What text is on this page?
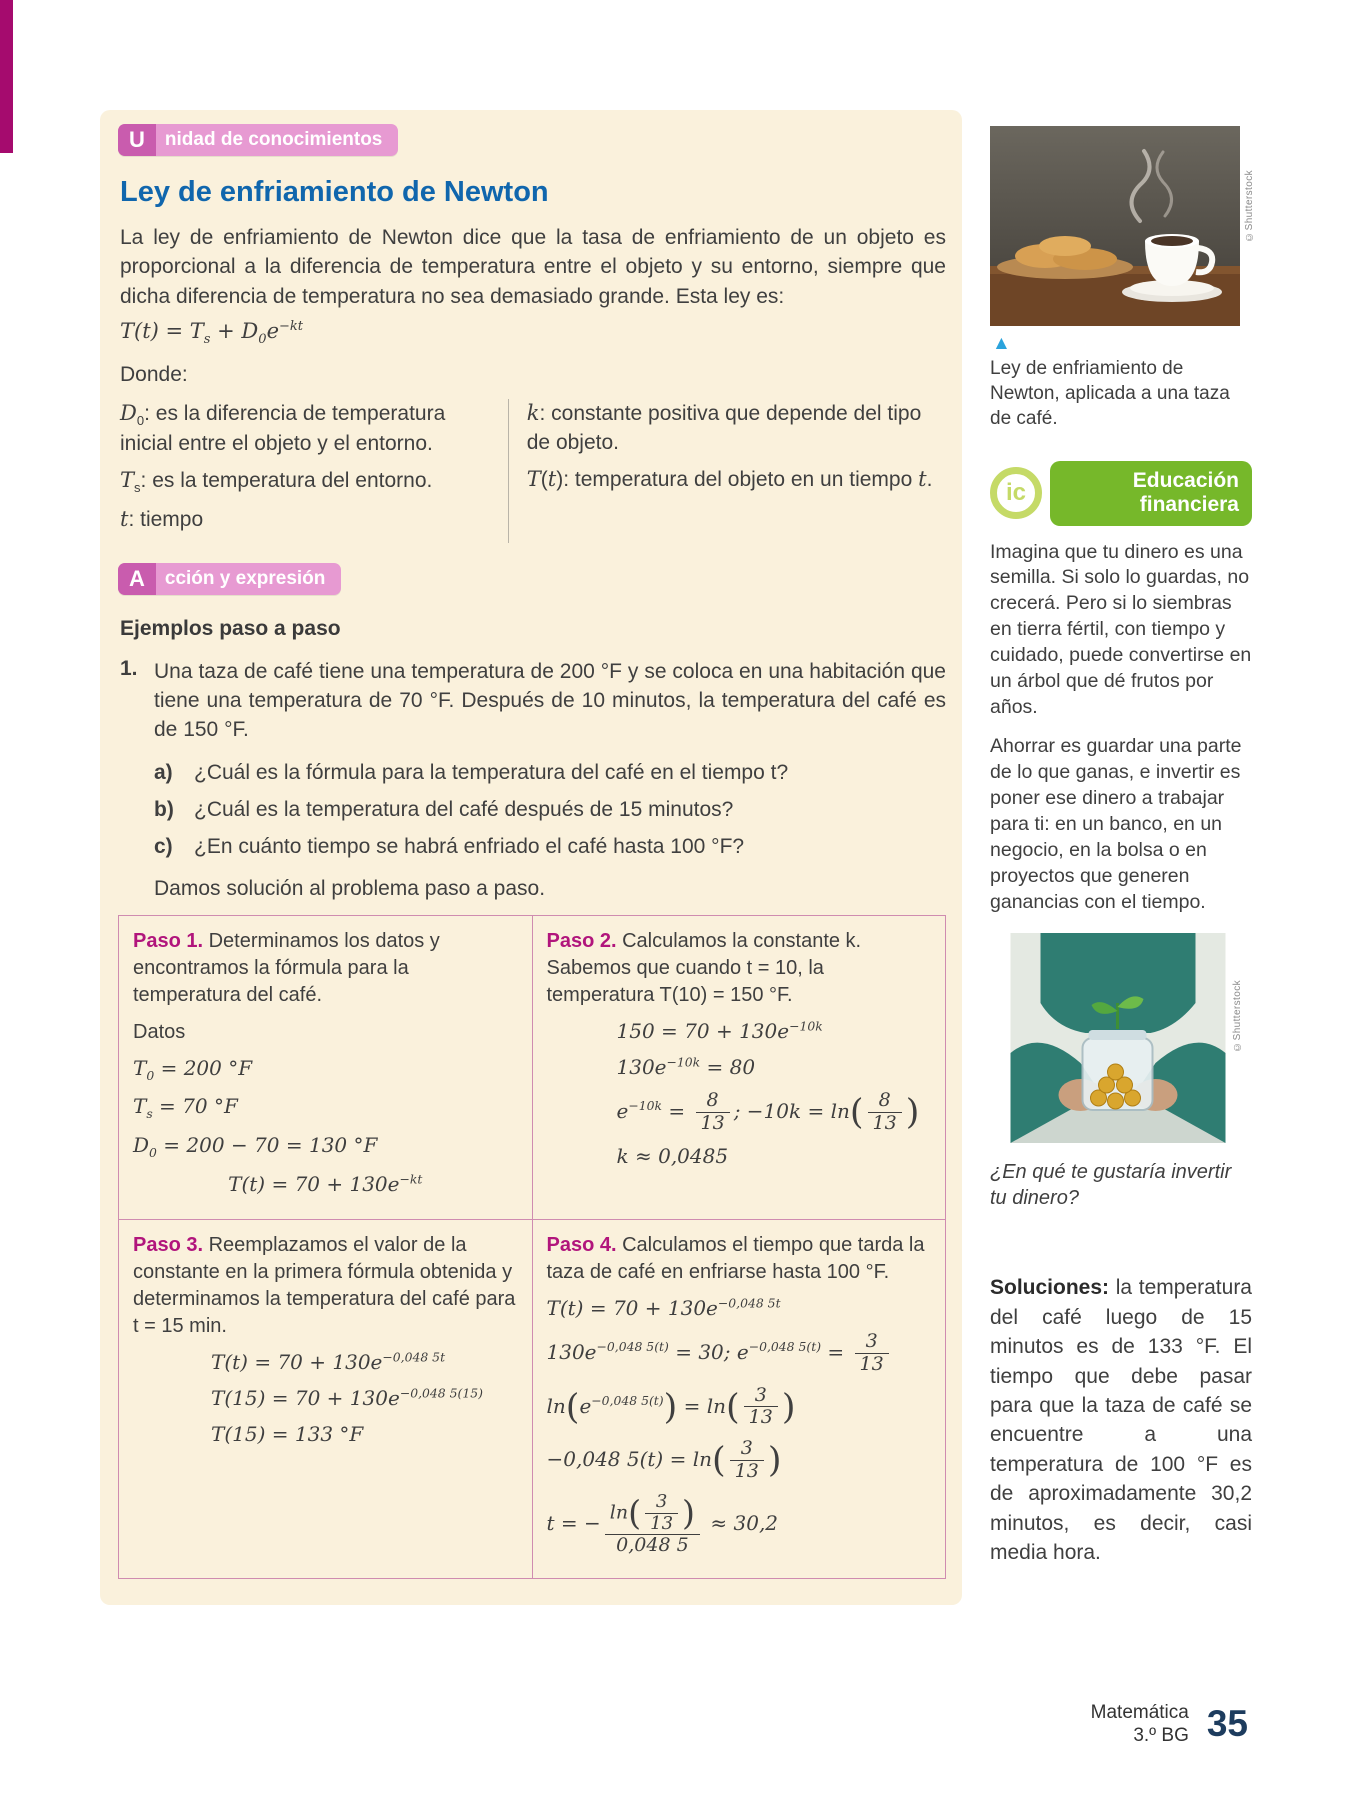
U	nidad de conocimientos
Ley de enfriamiento de Newton

La ley de enfriamiento de Newton dice que la tasa de enfriamiento de un objeto es proporcional a la diferencia de temperatura entre el objeto y su entorno, siempre que dicha diferencia de temperatura no sea demasiado grande. Esta ley es:

$T(t) = T_s + D_0e^{-kt}$

Donde:

$D_0$: es la diferencia de temperatura inicial entre el objeto y el entorno.
$T_s$: es la temperatura del entorno.
t: tiempo
k: constante positiva que depende del tipo de objeto.
T(t): temperatura del objeto en un tiempo t.
A	cción y expresión
Ejemplos paso a paso
1. Una taza de café tiene una temperatura de 200 °F y se coloca en una habitación que tiene una temperatura de 70 °F. Después de 10 minutos, la temperatura del café es de 150 °F.

a)	¿Cuál es la fórmula para la temperatura del café en el tiempo t?
b) ¿Cuál es la temperatura del café después de 15 minutos?
c)	¿En cuánto tiempo se habrá enfriado el café hasta 100 °F?

Damos solución al problema paso a paso.

Paso 1. Determinamos los datos y encontramos la fórmula para la temperatura del café.

Datos

$T_0 = 200$ °F
$T_s = 70$ °F
$D_0 = 200 - 70 = 130$ °F
$T(t) = 70 + 130e^{-kt}$

Paso 2. Calculamos la constante k. Sabemos que cuando t = 10, la temperatura T(10) = 150 °F.

$150 = 70 + 130e^{-10k}$
$130e^{-10k} = 80$
$e^{-10k} = \frac{8}{13}$ ; $-10k = \ln( \frac{8}{13}$ )
k ≈ 0,0485

Paso 3. Reemplazamos el valor de la constante en la primera fórmula obtenida y determinamos la temperatura del café para t = 15 min.

$T(t) = 70 + 130e^{-0,048 5t}$
$T(15) = 70 + 130e^{-0,048 5(15)}$
T(15) = 133 °F

Paso 4. Calculamos el tiempo que tarda la taza de café en enfriarse hasta 100 °F.

$T(t) = 70 + 130e^{-0,048 5t}$
$130e^{-0,048 5(t)} = 30$; $e^{-0,048 5(t)} = \frac{3}{13}$
$\ln(e^{-0,048 5(t)}) = \ln( \frac{3}{13}$ )
−0,048 $5(t) = \ln( \frac{3}{13}$ )
t = − $\frac{\ln( \frac{3}{13} )}{0,048 5} \approx 30,2$
©Shutterstock
▲

Ley de enfriamiento de Newton, aplicada a una taza de café.

ic	Educación
financiera

Imagina que tu dinero es una semilla. Si solo lo guardas, no crecerá. Pero si lo siembras en tierra fértil, con tiempo y cuidado, puede convertirse en un árbol que dé frutos por años.

Ahorrar es guardar una parte de lo que ganas, e invertir es poner ese dinero a trabajar para ti: en un banco, en un negocio, en la bolsa o en proyectos que generen ganancias con el tiempo.

©Shutterstock

¿En qué te gustaría invertir tu dinero?

Soluciones: la temperatura del café luego de 15 minutos es de 133 °F. El tiempo que debe pasar para que la taza de café se encuentre a una temperatura de 100 °F es de aproximadamente 30,2 minutos, es decir, casi media hora.

Matemática
3.º BG 35
